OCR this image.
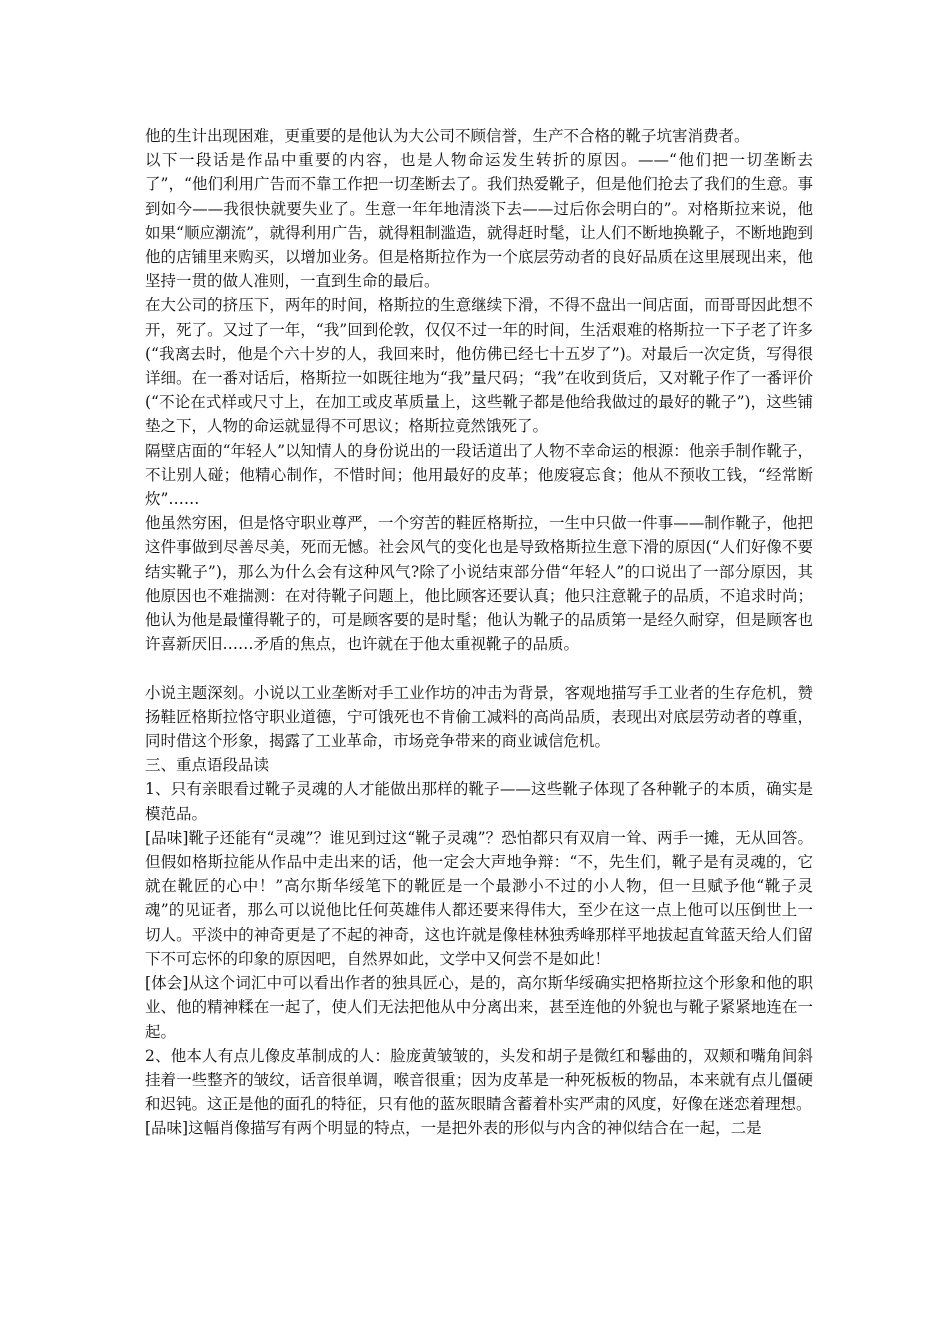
他的生计出现困难，更重要的是他认为大公司不顾信誉，生产不合格的靴子坑害消费者。

以下一段话是作品中重要的内容，也是人物命运发生转折的原因。——“他们把一切垄断去了”，“他们利用广告而不靠工作把一切垄断去了。我们热爱靴子，但是他们抢去了我们的生意。事到如今——我很快就要失业了。生意一年年地清淡下去——过后你会明白的”。对格斯拉来说，他如果“顺应潮流”，就得利用广告，就得粗制滥造，就得赶时髦，让人们不断地换靴子，不断地跑到他的店铺里来购买，以增加业务。但是格斯拉作为一个底层劳动者的良好品质在这里展现出来，他坚持一贯的做人准则，一直到生命的最后。

在大公司的挤压下，两年的时间，格斯拉的生意继续下滑，不得不盘出一间店面，而哥哥因此想不开，死了。又过了一年，“我”回到伦敦，仅仅不过一年的时间，生活艰难的格斯拉一下子老了许多(“我离去时，他是个六十岁的人，我回来时，他仿佛已经七十五岁了”)。对最后一次定货，写得很详细。在一番对话后，格斯拉一如既往地为“我”量尺码；“我”在收到货后，又对靴子作了一番评价(“不论在式样或尺寸上，在加工或皮革质量上，这些靴子都是他给我做过的最好的靴子”)，这些铺垫之下，人物的命运就显得不可思议；格斯拉竟然饿死了。

隔壁店面的“年轻人”以知情人的身份说出的一段话道出了人物不幸命运的根源：他亲手制作靴子，不让别人碰；他精心制作，不惜时间；他用最好的皮革；他废寝忘食；他从不预收工钱，“经常断炊”……

他虽然穷困，但是恪守职业尊严，一个穷苦的鞋匠格斯拉，一生中只做一件事——制作靴子，他把这件事做到尽善尽美，死而无憾。社会风气的变化也是导致格斯拉生意下滑的原因(“人们好像不要结实靴子”)，那么为什么会有这种风气?除了小说结束部分借“年轻人”的口说出了一部分原因，其他原因也不难揣测：在对待靴子问题上，他比顾客还要认真；他只注意靴子的品质，不追求时尚；他认为他是最懂得靴子的，可是顾客要的是时髦；他认为靴子的品质第一是经久耐穿，但是顾客也许喜新厌旧……矛盾的焦点，也许就在于他太重视靴子的品质。

小说主题深刻。小说以工业垄断对手工业作坊的冲击为背景，客观地描写手工业者的生存危机，赞扬鞋匠格斯拉恪守职业道德，宁可饿死也不肯偷工减料的高尚品质，表现出对底层劳动者的尊重，同时借这个形象，揭露了工业革命，市场竞争带来的商业诚信危机。

三、重点语段品读

1、只有亲眼看过靴子灵魂的人才能做出那样的靴子——这些靴子体现了各种靴子的本质，确实是模范品。

[品味]靴子还能有“灵魂”？谁见到过这“靴子灵魂”？恐怕都只有双肩一耸、两手一摊，无从回答。但假如格斯拉能从作品中走出来的话，他一定会大声地争辩：“不，先生们，靴子是有灵魂的，它就在靴匠的心中！”高尔斯华绥笔下的靴匠是一个最渺小不过的小人物，但一旦赋予他“靴子灵魂”的见证者，那么可以说他比任何英雄伟人都还要来得伟大，至少在这一点上他可以压倒世上一切人。平淡中的神奇更是了不起的神奇，这也许就是像桂林独秀峰那样平地拔起直耸蓝天给人们留下不可忘怀的印象的原因吧，自然界如此，文学中又何尝不是如此！

[体会]从这个词汇中可以看出作者的独具匠心，是的，高尔斯华绥确实把格斯拉这个形象和他的职业、他的精神糅在一起了，使人们无法把他从中分离出来，甚至连他的外貌也与靴子紧紧地连在一起。

2、他本人有点儿像皮革制成的人：脸庞黄皱皱的，头发和胡子是微红和鬈曲的，双颊和嘴角间斜挂着一些整齐的皱纹，话音很单调，喉音很重；因为皮革是一种死板板的物品，本来就有点儿僵硬和迟钝。这正是他的面孔的特征，只有他的蓝灰眼睛含蓄着朴实严肃的风度，好像在迷恋着理想。

[品味]这幅肖像描写有两个明显的特点，一是把外表的形似与内含的神似结合在一起，二是
